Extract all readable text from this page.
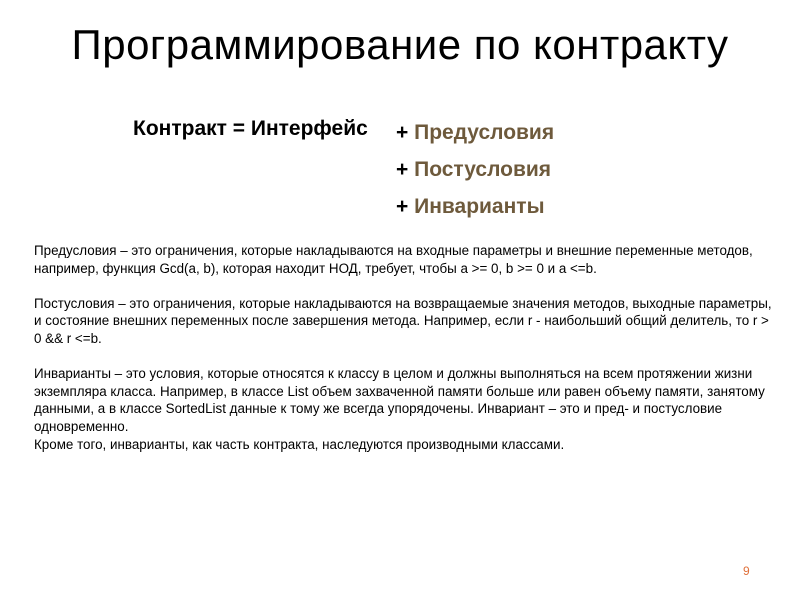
Программирование по контракту
Контракт = Интерфейс + Предусловия
+ Постусловия
+ Инварианты

Предусловия – это ограничения, которые накладываются на входные параметры и внешние переменные методов, например, функция Gcd(a, b), которая находит НОД, требует, чтобы a >= 0, b >= 0 и a <=b.

Постусловия – это ограничения, которые накладываются на возвращаемые значения методов, выходные параметры, и состояние внешних переменных после завершения метода. Например, если r - наибольший общий делитель, то r > 0 && r <=b.

Инварианты – это условия, которые относятся к классу в целом и должны выполняться на всем протяжении жизни экземпляра класса. Например, в классе List объем захваченной памяти больше или равен объему памяти, занятому данными, а в классе SortedList данные к тому же всегда упорядочены. Инвариант – это и пред- и постусловие одновременно.

Кроме того, инварианты, как часть контракта, наследуются производными классами.

9
